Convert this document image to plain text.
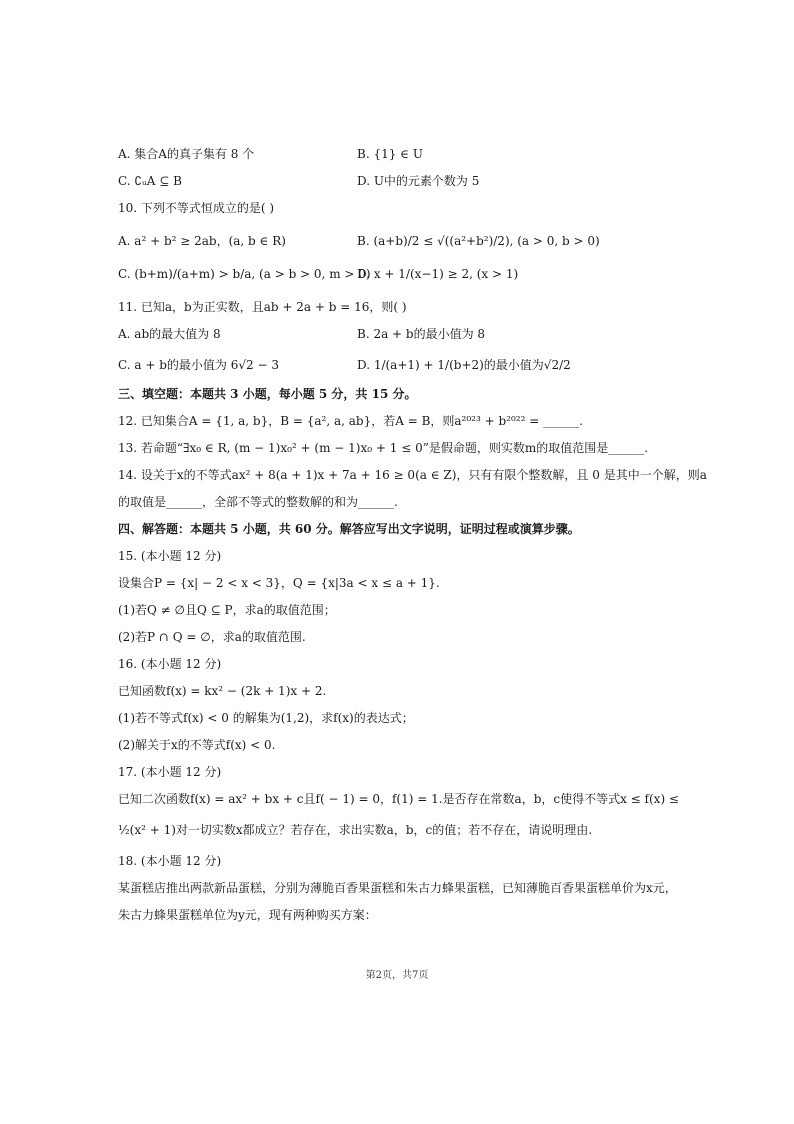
A. 集合A的真子集有 8 个	B. {1} ∈ U
C. ∁ᵤA ⊆ B	D. U中的元素个数为 5
10. 下列不等式恒成立的是( )
A. a² + b² ≥ 2ab，(a, b ∈ R)	B. (a+b)/2 ≤ √((a²+b²)/2), (a > 0, b > 0)
C. (b+m)/(a+m) > b/a, (a > b > 0, m > 0)
D. x + 1/(x−1) ≥ 2, (x > 1)
11. 已知a，b为正实数，且ab + 2a + b = 16，则( )
A. ab的最大值为 8	B. 2a + b的最小值为 8
C. a + b的最小值为 6√2 − 3	D. 1/(a+1) + 1/(b+2)的最小值为√2/2
三、填空题：本题共 3 小题，每小题 5 分，共 15 分。
12. 已知集合A = {1, a, b}，B = {a², a, ab}，若A = B，则a²⁰²³ + b²⁰²² = ______.
13. 若命题“∃x₀ ∈ R, (m − 1)x₀² + (m − 1)x₀ + 1 ≤ 0”是假命题，则实数m的取值范围是______.
14. 设关于x的不等式ax² + 8(a + 1)x + 7a + 16 ≥ 0(a ∈ Z)，只有有限个整数解，且 0 是其中一个解，则a
的取值是______，全部不等式的整数解的和为______.
四、解答题：本题共 5 小题，共 60 分。解答应写出文字说明，证明过程或演算步骤。
15. (本小题 12 分)
设集合P = {x| − 2 < x < 3}，Q = {x|3a < x ≤ a + 1}.
(1)若Q ≠ ∅且Q ⊆ P，求a的取值范围；
(2)若P ∩ Q = ∅，求a的取值范围.
16. (本小题 12 分)
已知函数f(x) = kx² − (2k + 1)x + 2.
(1)若不等式f(x) < 0 的解集为(1,2)，求f(x)的表达式；
(2)解关于x的不等式f(x) < 0.
17. (本小题 12 分)
已知二次函数f(x) = ax² + bx + c且f( − 1) = 0，f(1) = 1.是否存在常数a，b，c使得不等式x ≤ f(x) ≤
½(x² + 1)对一切实数x都成立？若存在，求出实数a，b，c的值；若不存在，请说明理由.
18. (本小题 12 分)
某蛋糕店推出两款新品蛋糕，分别为薄脆百香果蛋糕和朱古力蜂果蛋糕，已知薄脆百香果蛋糕单价为x元，
朱古力蜂果蛋糕单位为y元，现有两种购买方案：
第2页，共7页
